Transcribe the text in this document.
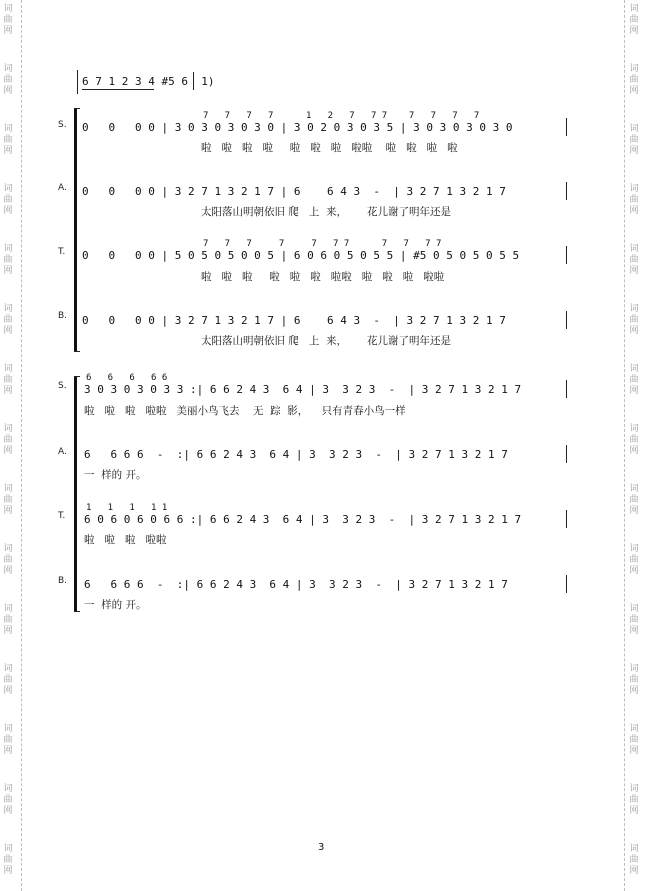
词
曲
网
词
曲
网
词
曲
网
词
曲
网
词
曲
网
词
曲
网
词
曲
网
词
曲
网
词
曲
网
词
曲
网
词
曲
网
词
曲
网
词
曲
网
词
曲
网
词
曲
网
词
曲
网
词
曲
网
词
曲
网
词
曲
网
词
曲
网
词
曲
网
词
曲
网
词
曲
网
词
曲
网
词
曲
网
词
曲
网
词
曲
网
词
曲
网
词
曲
网
词
曲
网
6 7 1 2 3 4 #5 6  1)
S.
A.
T.
B.
7   7   7   7      1   2   7   7 7    7   7   7   7
0   0   0 0 | 3 0 3 0 3 0 3 0 | 3 0 2 0 3 0 3 5 | 3 0 3 0 3 0 3 0
啦   啦   啦   啦     啦   啦   啦   啦啦    啦   啦   啦   啦
0   0   0 0 | 3 2 7 1 3 2 1 7 | 6    6 4 3  -  | 3 2 7 1 3 2 1 7
太阳落山明朝依旧 爬   上  来，      花儿谢了明年还是
7   7   7     7     7   7 7      7   7   7 7
0   0   0 0 | 5 0 5 0 5 0 0 5 | 6 0 6 0 5 0 5 5 | #5 0 5 0 5 0 5 5
啦   啦   啦     啦   啦   啦   啦啦   啦   啦   啦   啦啦
0   0   0 0 | 3 2 7 1 3 2 1 7 | 6    6 4 3  -  | 3 2 7 1 3 2 1 7
太阳落山明朝依旧 爬   上  来，      花儿谢了明年还是
S.
A.
T.
B.
6   6   6   6 6
3 0 3 0 3 0 3 3 :| 6 6 2 4 3  6 4 | 3  3 2 3  -  | 3 2 7 1 3 2 1 7
啦   啦   啦   啦啦   美丽小鸟飞去    无  踪  影，    只有青春小鸟一样
6   6 6 6  -  :| 6 6 2 4 3  6 4 | 3  3 2 3  -  | 3 2 7 1 3 2 1 7
一  样的 开。
1   1   1   1 1
6 0 6 0 6 0 6 6 :| 6 6 2 4 3  6 4 | 3  3 2 3  -  | 3 2 7 1 3 2 1 7
啦   啦   啦   啦啦
6   6 6 6  -  :| 6 6 2 4 3  6 4 | 3  3 2 3  -  | 3 2 7 1 3 2 1 7
一  样的 开。
3
